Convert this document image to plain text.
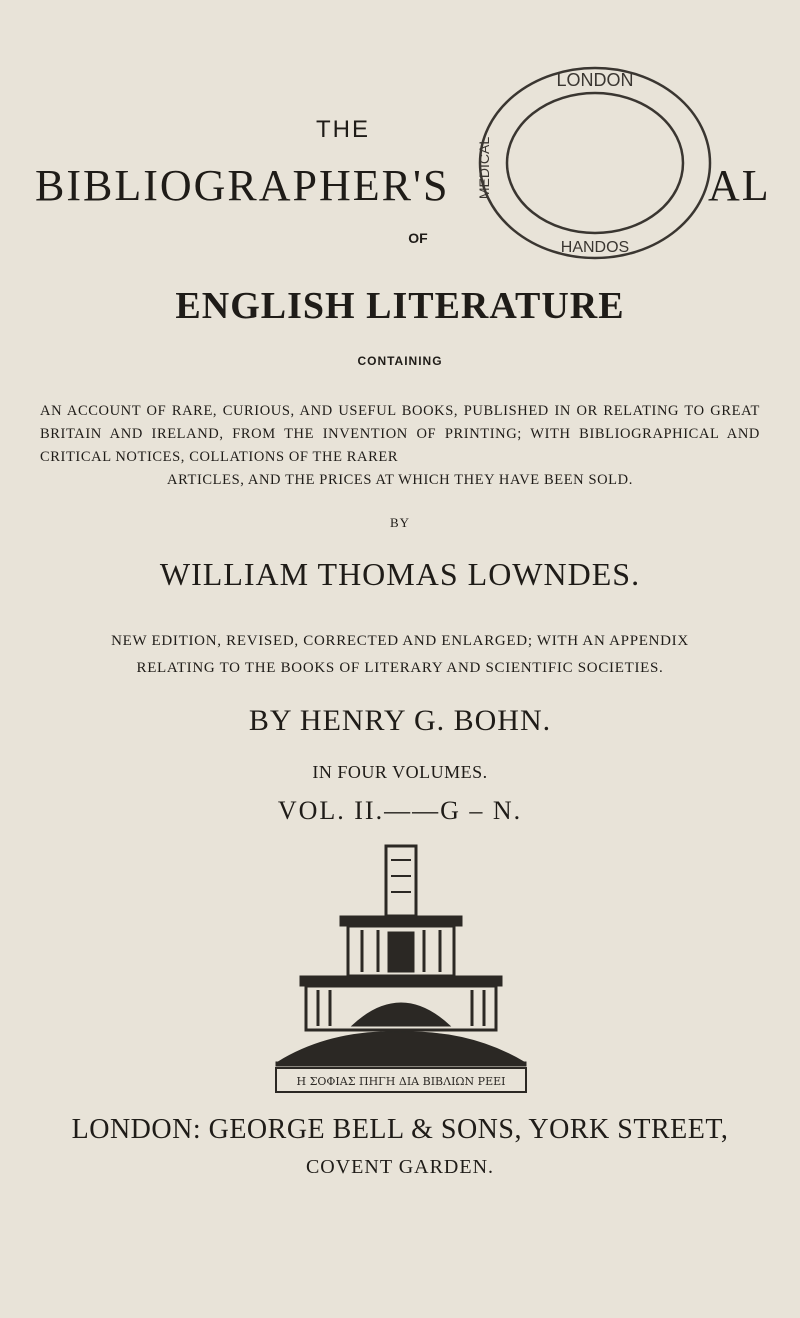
THE
BIBLIOGRAPHER'S	AL
OF
LONDON
MEDICAL
HANDOS
ENGLISH LITERATURE
CONTAINING
AN ACCOUNT OF RARE, CURIOUS, AND USEFUL BOOKS, PUBLISHED IN OR RELATING TO GREAT BRITAIN AND IRELAND, FROM THE INVENTION OF PRINTING; WITH BIBLIOGRAPHICAL AND CRITICAL NOTICES, COLLATIONS OF THE RARER
ARTICLES, AND THE PRICES AT WHICH THEY HAVE BEEN SOLD.
BY
WILLIAM THOMAS LOWNDES.
NEW EDITION, REVISED, CORRECTED AND ENLARGED; WITH AN APPENDIX
RELATING TO THE BOOKS OF LITERARY AND SCIENTIFIC SOCIETIES.
BY HENRY G. BOHN.
IN FOUR VOLUMES.
VOL. II.——G – N.
Η ΣΟΦΙΑΣ ΠΗΓΗ ΔΙΑ ΒΙΒΛΙΩΝ ΡΕΕΙ
LONDON: GEORGE BELL & SONS, YORK STREET,
COVENT GARDEN.
